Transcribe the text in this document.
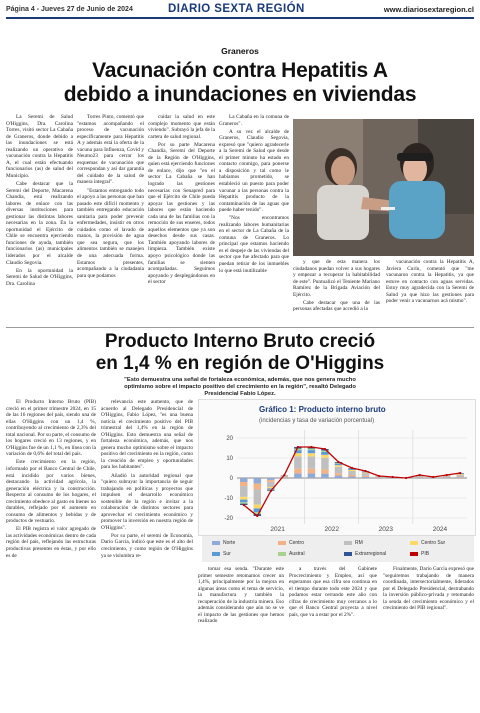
Página 4 - Jueves 27 de Junio de 2024	DIARIO SEXTA REGIÓN	www.diariosextaregion.cl
Graneros
Vacunación contra Hepatitis A
debido a inundaciones en viviendas

La Seremi de Salud O'Higgins, Dra. Carolina Torres, visitó sector La Cabaña de Graneros, donde debido a las inundaciones se está realizando un operativo de vacunación contra la Hepatitis A, el cual están efectuando funcionarios (as) de salud del Municipio.

Cabe destacar que la Seremi del Deporte, Macarena Chandia, está realizando labores de enlace con las diversas instituciones para gestionar las distintas labores necesarias en la zona. En la oportunidad el Ejército de Chile se encuentra ejerciendo funciones de ayuda, también funcionarios (as) municipales liderados por el alcalde Claudio Segovia.

En la oportunidad la Seremi de Salud de O'Higgins, Dra. Carolina

Torres Pinto, comentó que "estamos acompañando el proceso de vacunación específicamente para Hepatitis A y además está la oferta de la vacuna para Influenza, Covid y Neumo23 para cerrar los esquemas de vacunación que correspondan y así dar garantía del cuidado de la salud de manera integral".

"Estamos entregando todo el apoyo a las personas que han pasado este difícil momento y también entregando educación sanitaria para poder prevenir enfermedades, insistir en otros cuidados como el lavado de manos, la provisión de agua que sea segura, que los alimentos también se manejen de una adecuada forma. Estamos presentes, acompañando a la ciudadanía para que podamos

cuidar la salud en este complejo momento que están viviendo". Subrayó la jefa de la cartera de salud regional.

Por su parte Macarena Chandía, Seremi del Deporte de la Región de O'Higgins, quien está ejerciendo funciones de enlace, dijo que "en el sector La Cabaña se han logrado las gestiones necesarias con Senapred para que el Ejército de Chile pueda apoyar las gestiones y las labores que están haciendo cada una de las familias con la remoción de sus enseres, todos aquellos elementos que ya son desechos desde sus casas. También apoyando labores de limpieza. También existe apoyo psicológico donde las familias se sienten acompañadas. Seguimos apoyando y desplegándonos en el sector

La Cabaña en la comuna de Graneros".

A su vez el alcalde de Graneros, Claudio Segovia, expresó que "quiero agradecerle a la Seremi de Salud que desde el primer minuto ha estado en contacto conmigo, para ponerse a disposición y tal como le habíamos prometido, se estableció un puesto para poder vacunar a las personas contra la Hepatitis producto de la contaminación de las aguas que puede haber tenido".

"Nos encontramos realizando labores humanitarias en el sector de La Cabaña de la comuna de Graneros. Lo principal que estamos haciendo es el despeje de las viviendas del sector que fue afectado para que puedan retirar de los inmuebles lo que está inutilizable

y que de esta manera los ciudadanos puedan volver a sus hogares y empezar a recuperar la habitabilidad de este". Puntualizó el Teniente Mariano Ramírez de la Brigada Aviación del Ejército.

Cabe destacar que una de las personas afectadas que accedió a la

vacunación contra la Hepatitis A, Javiera Curín, comentó que "me vacunaron contra la Hepatitis, ya que estuve en contacto con aguas servidas. Estoy muy agradecida con la Seremi de Salud ya que hizo las gestiones para poder venir a vacunarnos acá mismo".

Producto Interno Bruto creció
en 1,4 % en región de O'Higgins
"Esto demuestra una señal de fortaleza económica, además, que nos genera mucho optimismo sobre el impacto positivo del crecimiento en la región", resaltó Delegado Presidencial Fabio López.

El Producto Interno Bruto (PIB) creció en el primer trimestre 2024, en 15 de las 16 regiones del país, siendo una de ellas O'Higgins con un 1,4 %, contribuyendo al crecimiento de 2,3% del total nacional. Por su parte, el consumo de los hogares creció en 13 regiones, y en O'Higgins fue de un 1,1 %, en línea con la variación de 0,6% del total del país.

Este crecimiento en la región, informado por el Banco Central de Chile, está incidido por varios bienes, destacando la actividad agrícola, la generación eléctrica y la construcción. Respecto al consumo de los hogares, el crecimiento obedece al gasto en bienes no durables, reflejado por el aumento en consumo de alimentos y bebidas y de productos de vestuario.

El PIB registra el valor agregado de las actividades económicas dentro de cada región del país, reflejando las estructuras productivas presentes en éstas, y por ello es de

relevancia este aumento, que de acuerdo al Delegado Presidencial de O'Higgins, Fabio López, "es una buena noticia el crecimiento positivo del PIB trimestral del 1,4% en la región de O'Higgins. Esto demuestra una señal de fortaleza económica, además, que nos genera mucho optimismo sobre el impacto positivo del crecimiento en la región, como la creación de empleo y oportunidades para los habitantes".

Añadió la autoridad regional que "quiero subrayar la importancia de seguir trabajando en políticas y proyectos que impulsen el desarrollo económico sostenible de la región e invitar a la colaboración de distintos sectores para aprovechar el crecimiento económico y promover la inversión en nuestra región de O'Higgins".

Por su parte, el seremi de Economía, Darío García, indicó que este es el alto del crecimiento, y como región de O'Higgins ya se vislumbra re-

Gráfico 1: Producto interno bruto
(incidencias y tasa de variación porcentual)
-20
-10
0
10
20
2021	2022	2023	2024
Norte	Centro	RM	Centro Sur
Sur	Austral	Extrarregional	PIB

tomar esa senda. "Durante este primer semestre retomamos crecer un 1,4%, principalmente por la mejora en algunas áreas como el tema de servicio, la manufactura y también la recuperación de la industria minera. Eso además considerando que aún no se ve el impacto de las gestiones que hemos realizado

a través del Gabinete Procrecimiento y Empleo, así que esperamos que esa cifra sea continua en el tiempo durante todo este 2024 y que podamos estar cerrando este año con cifras de crecimiento muy cercanos a lo que el Banco Central proyecta a nivel país, que va a estar por el 2%".

Finalmente, Darío García expresó que "seguiremos trabajando de manera coordinada, intersectorialmente, liderados por el Delegado Presidencial, destrabando la inversión público-privada y retomando la senda del crecimiento económico y el crecimiento del PIB regional".
